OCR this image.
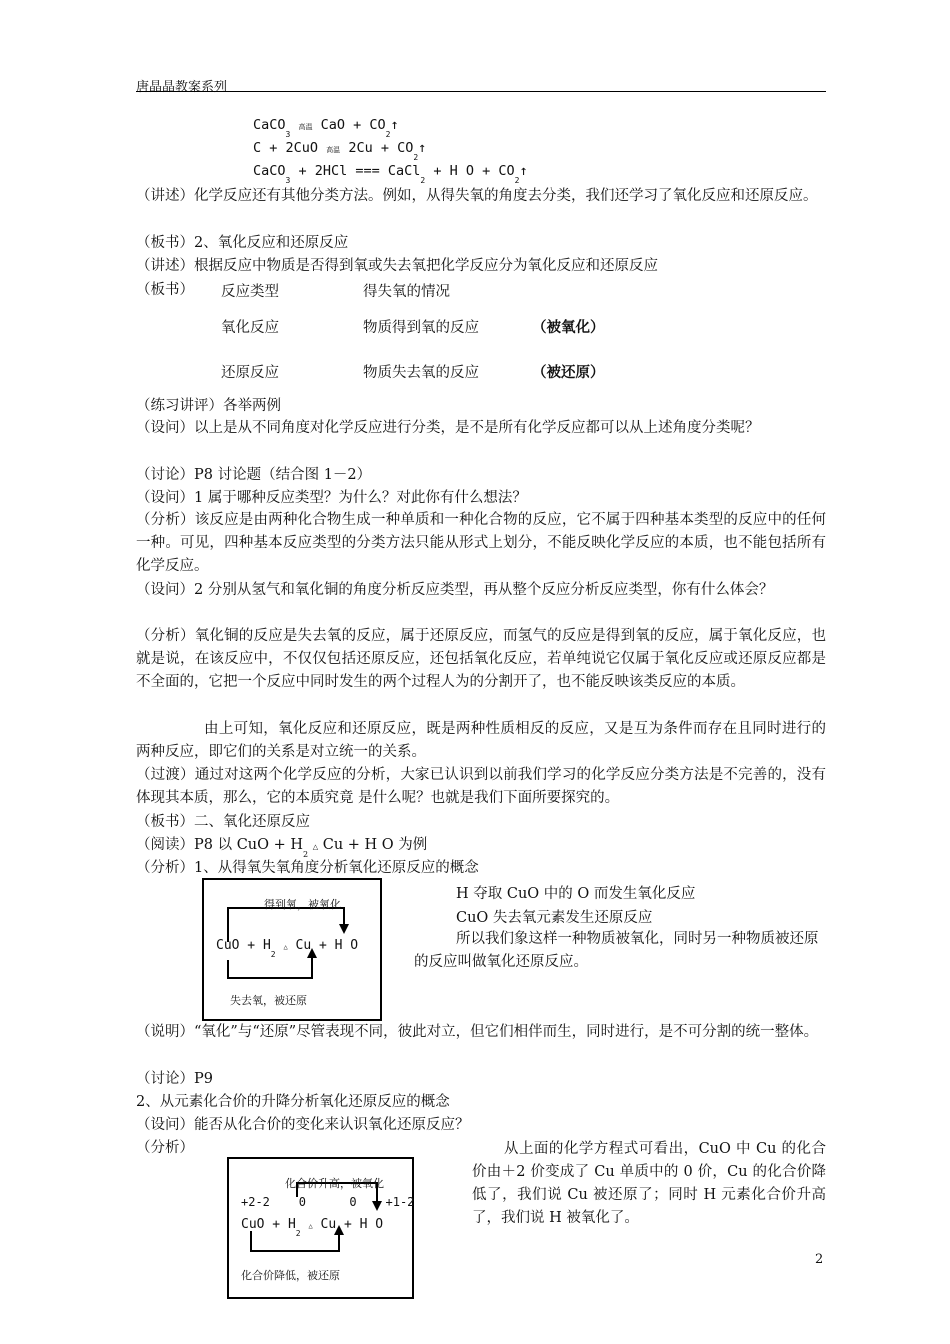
唐晶晶教案系列
CaCO$_3$ 高温 CaO + $CO_2↑$
C + 2CuO 高温 $2Cu + CO_2↑$
CaCO$_3$ + 2HCl === CaCl$_2$ + H $O + CO_2↑$
（讲述）化学反应还有其他分类方法。例如，从得失氧的角度去分类，我们还学习了氧化反应和还原反应。
（板书）2、氧化反应和还原反应
（讲述）根据反应中物质是否得到氧或失去氧把化学反应分为氧化反应和还原反应
（板书） 反应类型	得失氧的情况
氧化反应	物质得到氧的反应	（被氧化）
还原反应	物质失去氧的反应	（被还原）
（练习讲评）各举两例
（设问）以上是从不同角度对化学反应进行分类，是不是所有化学反应都可以从上述角度分类呢？
（讨论）P8 讨论题（结合图 1－2）
（设问）1 属于哪种反应类型？为什么？对此你有什么想法？
（分析）该反应是由两种化合物生成一种单质和一种化合物的反应，它不属于四种基本类型的反应中的任何一种。可见，四种基本反应类型的分类方法只能从形式上划分，不能反映化学反应的本质，也不能包括所有化学反应。
（设问）2 分别从氢气和氧化铜的角度分析反应类型，再从整个反应分析反应类型，你有什么体会？
（分析）氧化铜的反应是失去氧的反应，属于还原反应，而氢气的反应是得到氧的反应，属于氧化反应，也就是说，在该反应中，不仅仅包括还原反应，还包括氧化反应，若单纯说它仅属于氧化反应或还原反应都是不全面的，它把一个反应中同时发生的两个过程人为的分割开了，也不能反映该类反应的本质。
由上可知，氧化反应和还原反应，既是两种性质相反的反应，又是互为条件而存在且同时进行的两种反应，即它们的关系是对立统一的关系。
（过渡）通过对这两个化学反应的分析，大家已认识到以前我们学习的化学反应分类方法是不完善的，没有体现其本质，那么，它的本质究竟 是什么呢？也就是我们下面所要探究的。
（板书）二、氧化还原反应
（阅读）P8 以 CuO + $H_2$ △ Cu + H O 为例
（分析）1、从得氧失氧角度分析氧化还原反应的概念
得到氧，被氧化
CuO + $H_2$ △ Cu + H O
失去氧，被还原
H 夺取 CuO 中的 O 而发生氧化反应
CuO 失去氧元素发生还原反应
所以我们象这样一种物质被氧化，同时另一种物质被还原的反应叫做氧化还原反应。
（说明）“氧化”与“还原”尽管表现不同，彼此对立，但它们相伴而生，同时进行，是不可分割的统一整体。
（讨论）P9
2、从元素化合价的升降分析氧化还原反应的概念
（设问）能否从化合价的变化来认识氧化还原反应？
（分析）
化合价升高，被氧化
+2-2    0      0    +1-2
CuO + $H_2$ △ Cu + H O
化合价降低，被还原
从上面的化学方程式可看出，CuO 中 Cu 的化合价由＋2 价变成了 Cu 单质中的 0 价，Cu 的化合价降低了，我们说 Cu 被还原了；同时 H 元素化合价升高了，我们说 H 被氧化了。
2
